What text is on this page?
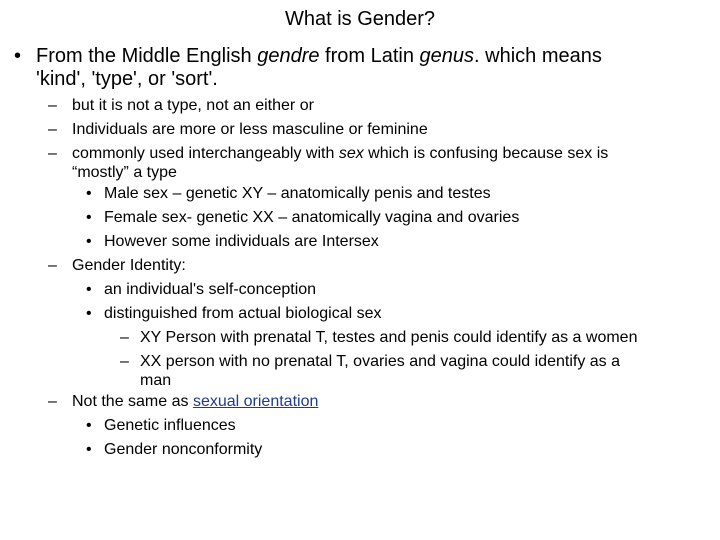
What is Gender?
• From the Middle English gendre from Latin genus. which means
'kind', 'type', or 'sort'.
– but it is not a type, not an either or
– Individuals are more or less masculine or feminine
– commonly used interchangeably with sex which is confusing because sex is
“mostly” a type
• Male sex – genetic XY – anatomically penis and testes
• Female sex- genetic XX – anatomically vagina and ovaries
• However some individuals are Intersex
– Gender Identity:
• an individual's self-conception
• distinguished from actual biological sex
– XY Person with prenatal T, testes and penis could identify as a women
– XX person with no prenatal T, ovaries and vagina could identify as a
man
– Not the same as sexual orientation
• Genetic influences
• Gender nonconformity
